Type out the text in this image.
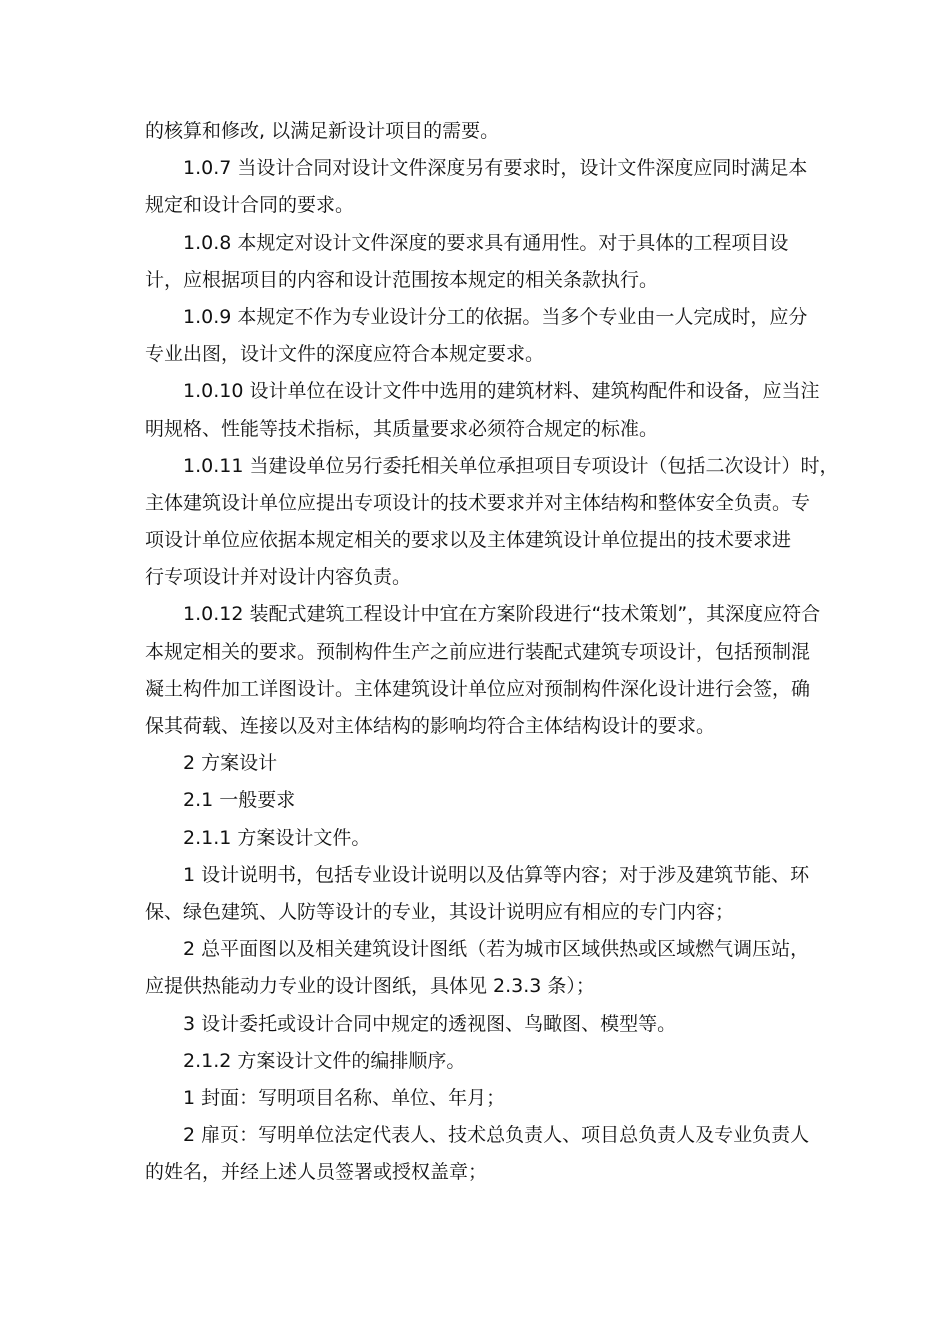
的核算和修改, 以满足新设计项目的需要。
1.0.7 当设计合同对设计文件深度另有要求时，设计文件深度应同时满足本
规定和设计合同的要求。
1.0.8 本规定对设计文件深度的要求具有通用性。对于具体的工程项目设
计，应根据项目的内容和设计范围按本规定的相关条款执行。
1.0.9 本规定不作为专业设计分工的依据。当多个专业由一人完成时，应分
专业出图，设计文件的深度应符合本规定要求。
1.0.10 设计单位在设计文件中选用的建筑材料、建筑构配件和设备，应当注
明规格、性能等技术指标，其质量要求必须符合规定的标准。
1.0.11 当建设单位另行委托相关单位承担项目专项设计（包括二次设计）时，
主体建筑设计单位应提出专项设计的技术要求并对主体结构和整体安全负责。专
项设计单位应依据本规定相关的要求以及主体建筑设计单位提出的技术要求进
行专项设计并对设计内容负责。
1.0.12 装配式建筑工程设计中宜在方案阶段进行“技术策划”，其深度应符合
本规定相关的要求。预制构件生产之前应进行装配式建筑专项设计，包括预制混
凝土构件加工详图设计。主体建筑设计单位应对预制构件深化设计进行会签，确
保其荷载、连接以及对主体结构的影响均符合主体结构设计的要求。
2 方案设计
2.1 一般要求
2.1.1 方案设计文件。
1 设计说明书，包括专业设计说明以及估算等内容；对于涉及建筑节能、环
保、绿色建筑、人防等设计的专业，其设计说明应有相应的专门内容；
2 总平面图以及相关建筑设计图纸（若为城市区域供热或区域燃气调压站，
应提供热能动力专业的设计图纸，具体见 2.3.3 条）；
3 设计委托或设计合同中规定的透视图、鸟瞰图、模型等。
2.1.2 方案设计文件的编排顺序。
1 封面：写明项目名称、单位、年月；
2 扉页：写明单位法定代表人、技术总负责人、项目总负责人及专业负责人
的姓名，并经上述人员签署或授权盖章；
